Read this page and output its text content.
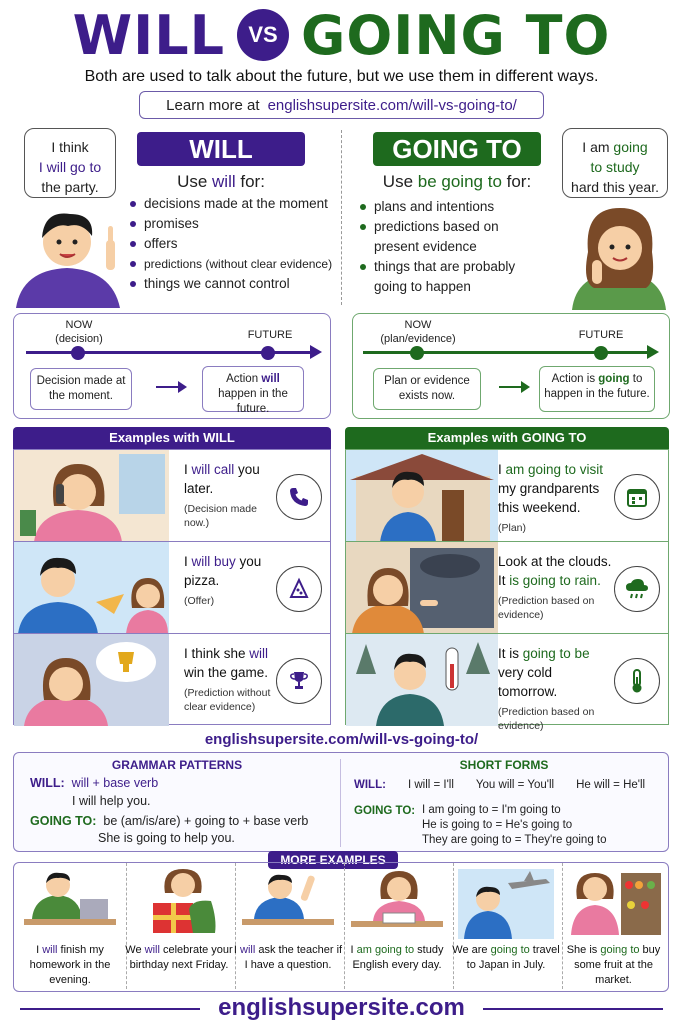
WILL	VS GOING TO
Both are used to talk about the future, but we use them in different ways.
Learn more at englishsupersite.com/will-vs-going-to/
I think
I will go to
the party.
WILL
Use will for:
decisions made at the moment
promises
offers
predictions (without clear evidence)
things we cannot control
GOING TO
Use be going to for:
plans and intentions
predictions based on present evidence
things that are probably going to happen
I am going
to study
hard this year.
NOW
(decision)	FUTURE
Decision made at the moment.
Action will happen in the future.
NOW
(plan/evidence)	FUTURE
Plan or evidence exists now.
Action is going to happen in the future.
Examples with WILL
I will call you later.
(Decision made now.)
I will buy you pizza.
(Offer)
I think she will win the game.
(Prediction without clear evidence)
Examples with GOING TO
I am going to visit my grandparents this weekend.
(Plan)
Look at the clouds. It is going to rain.
(Prediction based on evidence)
It is going to be very cold tomorrow.
(Prediction based on evidence)
englishsupersite.com/will-vs-going-to/
GRAMMAR PATTERNS
WILL: will + base verb
I will help you.
GOING TO: be (am/is/are) + going to + base verb
She is going to help you.
SHORT FORMS
WILL: I will = I'll You will = You'll He will = He'll
GOING TO: I am going to = I'm going to
He is going to = He's going to
They are going to = They're going to
MORE EXAMPLES
I will finish my homework in the evening.
We will celebrate your birthday next Friday.
I will ask the teacher if I have a question.
I am going to study English every day.
We are going to travel to Japan in July.
She is going to buy some fruit at the market.
englishsupersite.com
